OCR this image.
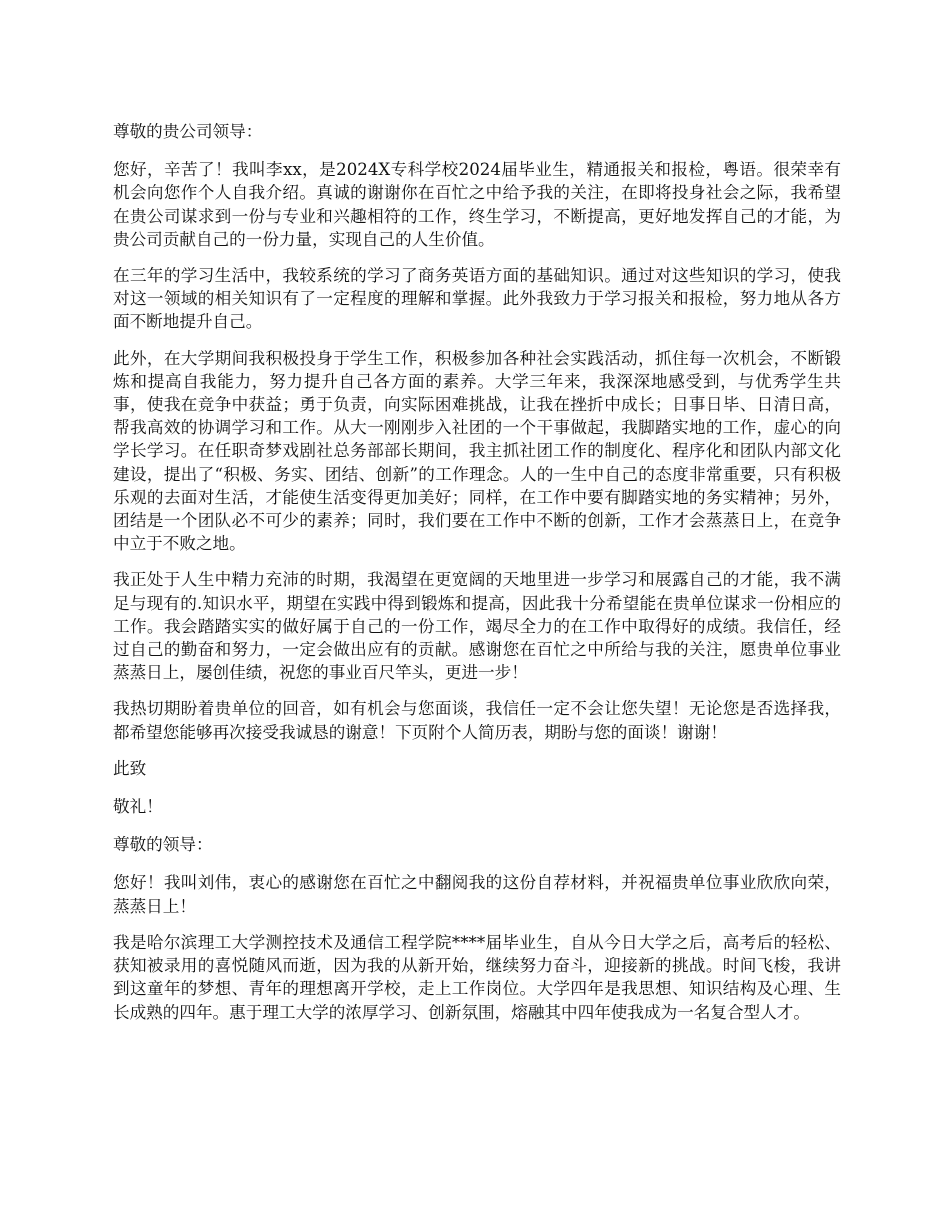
尊敬的贵公司领导：

您好，辛苦了！我叫李xx，是2024X专科学校2024届毕业生，精通报关和报检，粤语。很荣幸有机会向您作个人自我介绍。真诚的谢谢你在百忙之中给予我的关注，在即将投身社会之际，我希望在贵公司谋求到一份与专业和兴趣相符的工作，终生学习，不断提高，更好地发挥自己的才能，为贵公司贡献自己的一份力量，实现自己的人生价值。

在三年的学习生活中，我较系统的学习了商务英语方面的基础知识。通过对这些知识的学习，使我对这一领域的相关知识有了一定程度的理解和掌握。此外我致力于学习报关和报检，努力地从各方面不断地提升自己。

此外，在大学期间我积极投身于学生工作，积极参加各种社会实践活动，抓住每一次机会，不断锻炼和提高自我能力，努力提升自己各方面的素养。大学三年来，我深深地感受到，与优秀学生共事，使我在竞争中获益；勇于负责，向实际困难挑战，让我在挫折中成长；日事日毕、日清日高，帮我高效的协调学习和工作。从大一刚刚步入社团的一个干事做起，我脚踏实地的工作，虚心的向学长学习。在任职奇梦戏剧社总务部部长期间，我主抓社团工作的制度化、程序化和团队内部文化建设，提出了“积极、务实、团结、创新”的工作理念。人的一生中自己的态度非常重要，只有积极乐观的去面对生活，才能使生活变得更加美好；同样，在工作中要有脚踏实地的务实精神；另外，团结是一个团队必不可少的素养；同时，我们要在工作中不断的创新，工作才会蒸蒸日上，在竞争中立于不败之地。

我正处于人生中精力充沛的时期，我渴望在更宽阔的天地里进一步学习和展露自己的才能，我不满足与现有的.知识水平，期望在实践中得到锻炼和提高，因此我十分希望能在贵单位谋求一份相应的工作。我会踏踏实实的做好属于自己的一份工作，竭尽全力的在工作中取得好的成绩。我信任，经过自己的勤奋和努力，一定会做出应有的贡献。感谢您在百忙之中所给与我的关注，愿贵单位事业蒸蒸日上，屡创佳绩，祝您的事业百尺竿头，更进一步！

我热切期盼着贵单位的回音，如有机会与您面谈，我信任一定不会让您失望！无论您是否选择我，都希望您能够再次接受我诚恳的谢意！下页附个人简历表，期盼与您的面谈！谢谢！

此致

敬礼！

尊敬的领导：

您好！我叫刘伟，衷心的感谢您在百忙之中翻阅我的这份自荐材料，并祝福贵单位事业欣欣向荣，蒸蒸日上！

我是哈尔滨理工大学测控技术及通信工程学院****届毕业生，自从今日大学之后，高考后的轻松、获知被录用的喜悦随风而逝，因为我的从新开始，继续努力奋斗，迎接新的挑战。时间飞梭，我讲到这童年的梦想、青年的理想离开学校，走上工作岗位。大学四年是我思想、知识结构及心理、生长成熟的四年。惠于理工大学的浓厚学习、创新氛围，熔融其中四年使我成为一名复合型人才。
